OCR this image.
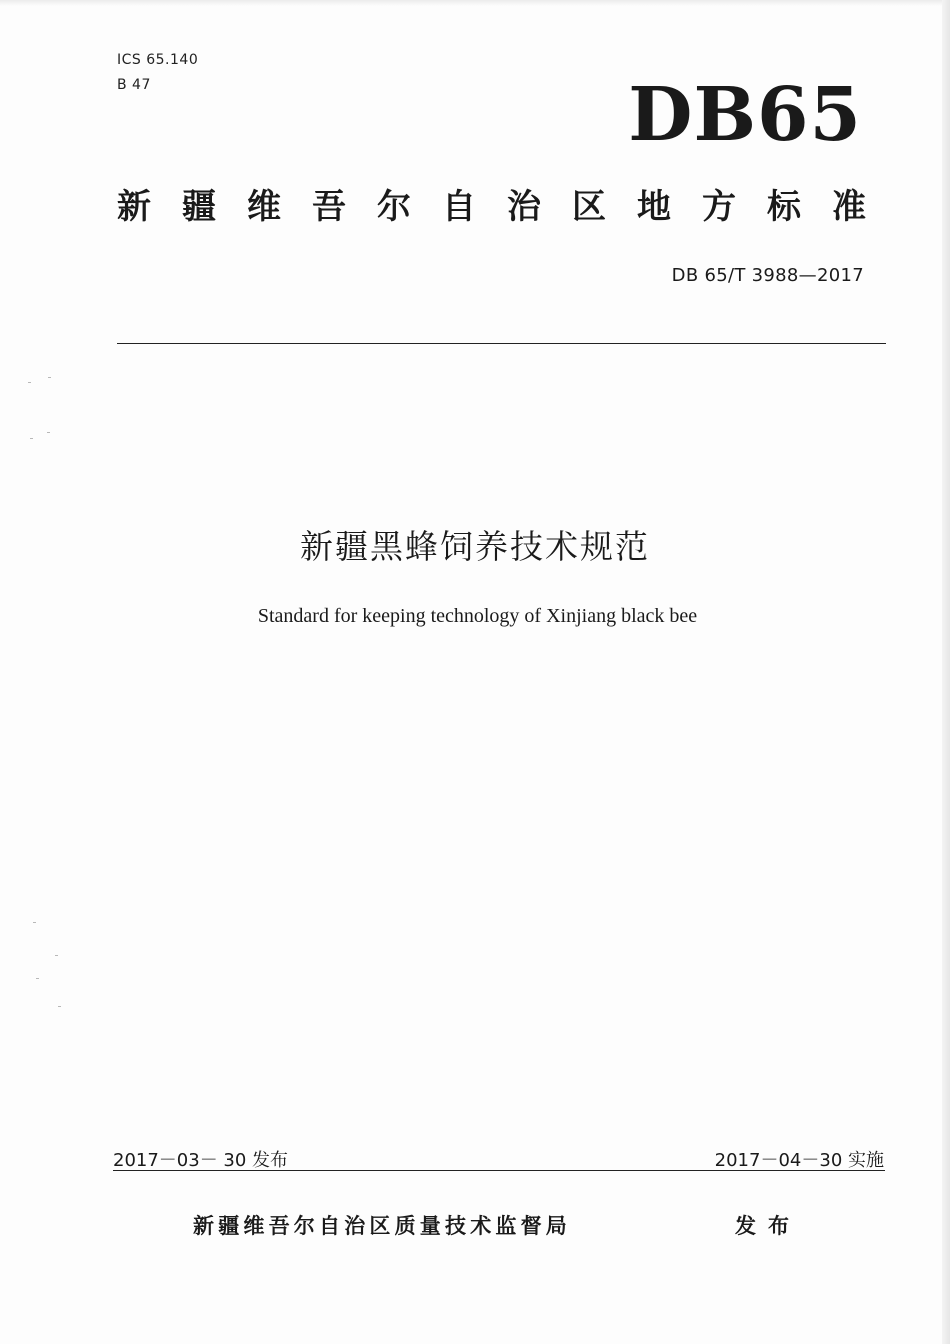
ICS 65.140
B 47	DB65
新疆维吾尔自治区地方标准
DB 65/T 3988—2017
新疆黑蜂饲养技术规范
Standard for keeping technology of Xinjiang black bee
2017－03－ 30 发布	2017－04－30 实施
新疆维吾尔自治区质量技术监督局	发布
